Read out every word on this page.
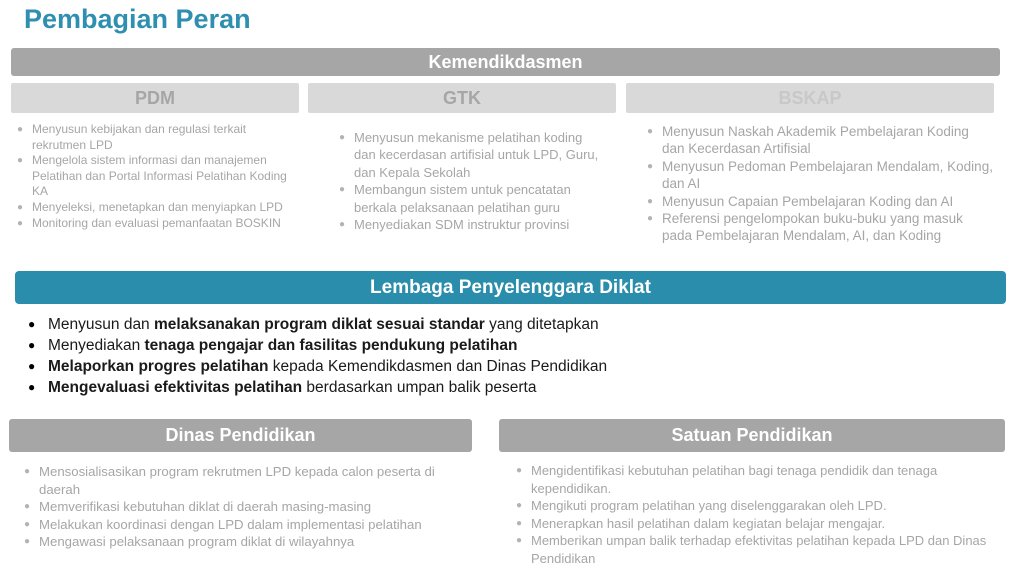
Pembagian Peran
Kemendikdasmen
PDM	GTK	BSKAP
● Menyusun kebijakan dan regulasi terkait rekrutmen LPD
● Mengelola sistem informasi dan manajemen Pelatihan dan Portal Informasi Pelatihan Koding KA
● Menyeleksi, menetapkan dan menyiapkan LPD
● Monitoring dan evaluasi pemanfaatan BOSKIN
● Menyusun mekanisme pelatihan koding dan kecerdasan artifisial untuk LPD, Guru, dan Kepala Sekolah
● Membangun sistem untuk pencatatan berkala pelaksanaan pelatihan guru
● Menyediakan SDM instruktur provinsi
● Menyusun Naskah Akademik Pembelajaran Koding dan Kecerdasan Artifisial
● Menyusun Pedoman Pembelajaran Mendalam, Koding, dan AI
● Menyusun Capaian Pembelajaran Koding dan AI
● Referensi pengelompokan buku-buku yang masuk pada Pembelajaran Mendalam, AI, dan Koding
Lembaga Penyelenggara Diklat
● Menyusun dan melaksanakan program diklat sesuai standar yang ditetapkan
● Menyediakan tenaga pengajar dan fasilitas pendukung pelatihan
● Melaporkan progres pelatihan kepada Kemendikdasmen dan Dinas Pendidikan
● Mengevaluasi efektivitas pelatihan berdasarkan umpan balik peserta
Dinas Pendidikan	Satuan Pendidikan
● Mensosialisasikan program rekrutmen LPD kepada calon peserta di daerah
● Memverifikasi kebutuhan diklat di daerah masing-masing
● Melakukan koordinasi dengan LPD dalam implementasi pelatihan
● Mengawasi pelaksanaan program diklat di wilayahnya
● Mengidentifikasi kebutuhan pelatihan bagi tenaga pendidik dan tenaga kependidikan.
● Mengikuti program pelatihan yang diselenggarakan oleh LPD.
● Menerapkan hasil pelatihan dalam kegiatan belajar mengajar.
● Memberikan umpan balik terhadap efektivitas pelatihan kepada LPD dan Dinas Pendidikan
